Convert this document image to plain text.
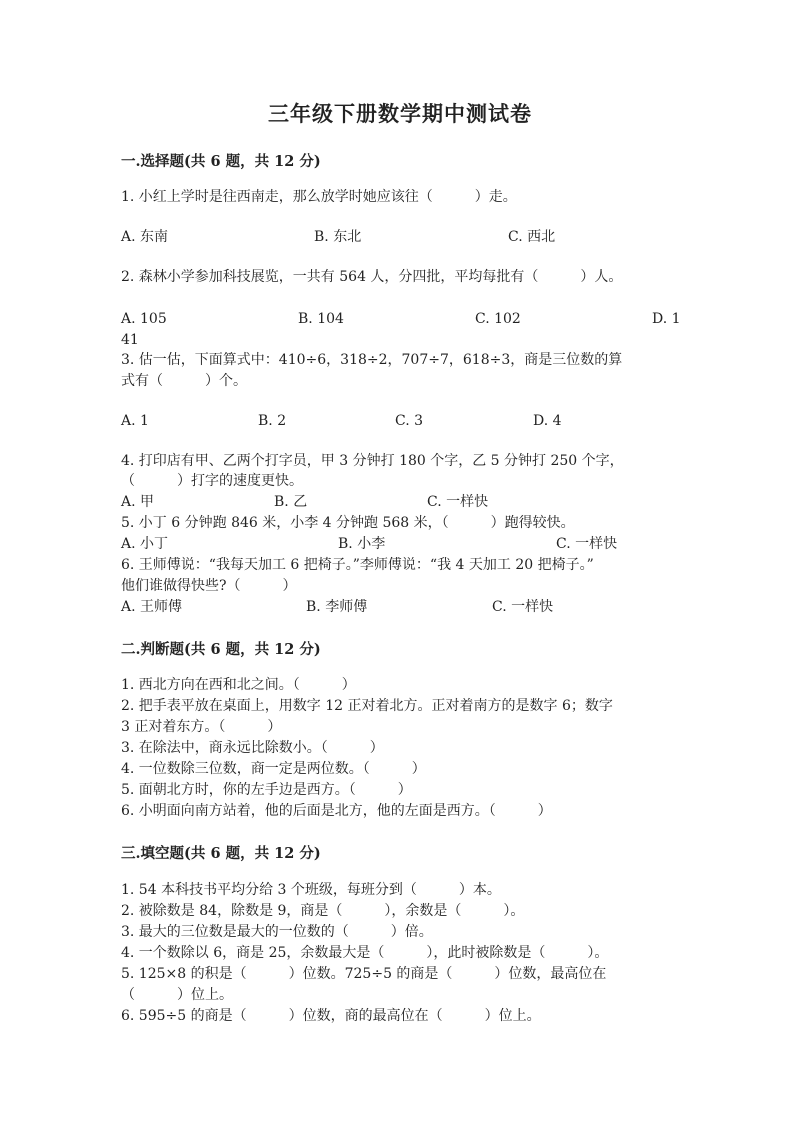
三年级下册数学期中测试卷
一.选择题(共 6 题，共 12 分)
1. 小红上学时是往西南走，那么放学时她应该往（　　　）走。
A. 东南	B. 东北	C. 西北
2. 森林小学参加科技展览，一共有 564 人，分四批，平均每批有（　　　）人。
A. 105	B. 104	C. 102	D. 1
41
3. 估一估，下面算式中：410÷6，318÷2，707÷7，618÷3，商是三位数的算
式有（　　　）个。
A. 1	B. 2	C. 3	D. 4
4. 打印店有甲、乙两个打字员，甲 3 分钟打 180 个字，乙 5 分钟打 250 个字，
（　　　）打字的速度更快。
A. 甲	B. 乙	C. 一样快
5. 小丁 6 分钟跑 846 米，小李 4 分钟跑 568 米，（　　　）跑得较快。
A. 小丁	B. 小李	C. 一样快
6. 王师傅说：“我每天加工 6 把椅子。”李师傅说：“我 4 天加工 20 把椅子。”
他们谁做得快些?（　　　）
A. 王师傅	B. 李师傅	C. 一样快
二.判断题(共 6 题，共 12 分)
1. 西北方向在西和北之间。（　　　）
2. 把手表平放在桌面上，用数字 12 正对着北方。正对着南方的是数字 6；数字
3 正对着东方。（　　　）
3. 在除法中，商永远比除数小。（　　　）
4. 一位数除三位数，商一定是两位数。（　　　）
5. 面朝北方时，你的左手边是西方。（　　　）
6. 小明面向南方站着，他的后面是北方，他的左面是西方。（　　　）
三.填空题(共 6 题，共 12 分)
1. 54 本科技书平均分给 3 个班级，每班分到（　　　）本。
2. 被除数是 84，除数是 9，商是（　　　），余数是（　　　）。
3. 最大的三位数是最大的一位数的（　　　）倍。
4. 一个数除以 6，商是 25，余数最大是（　　　），此时被除数是（　　　）。
5. 125×8 的积是（　　　）位数。725÷5 的商是（　　　）位数，最高位在
（　　　）位上。
6. 595÷5 的商是（　　　）位数，商的最高位在（　　　）位上。
